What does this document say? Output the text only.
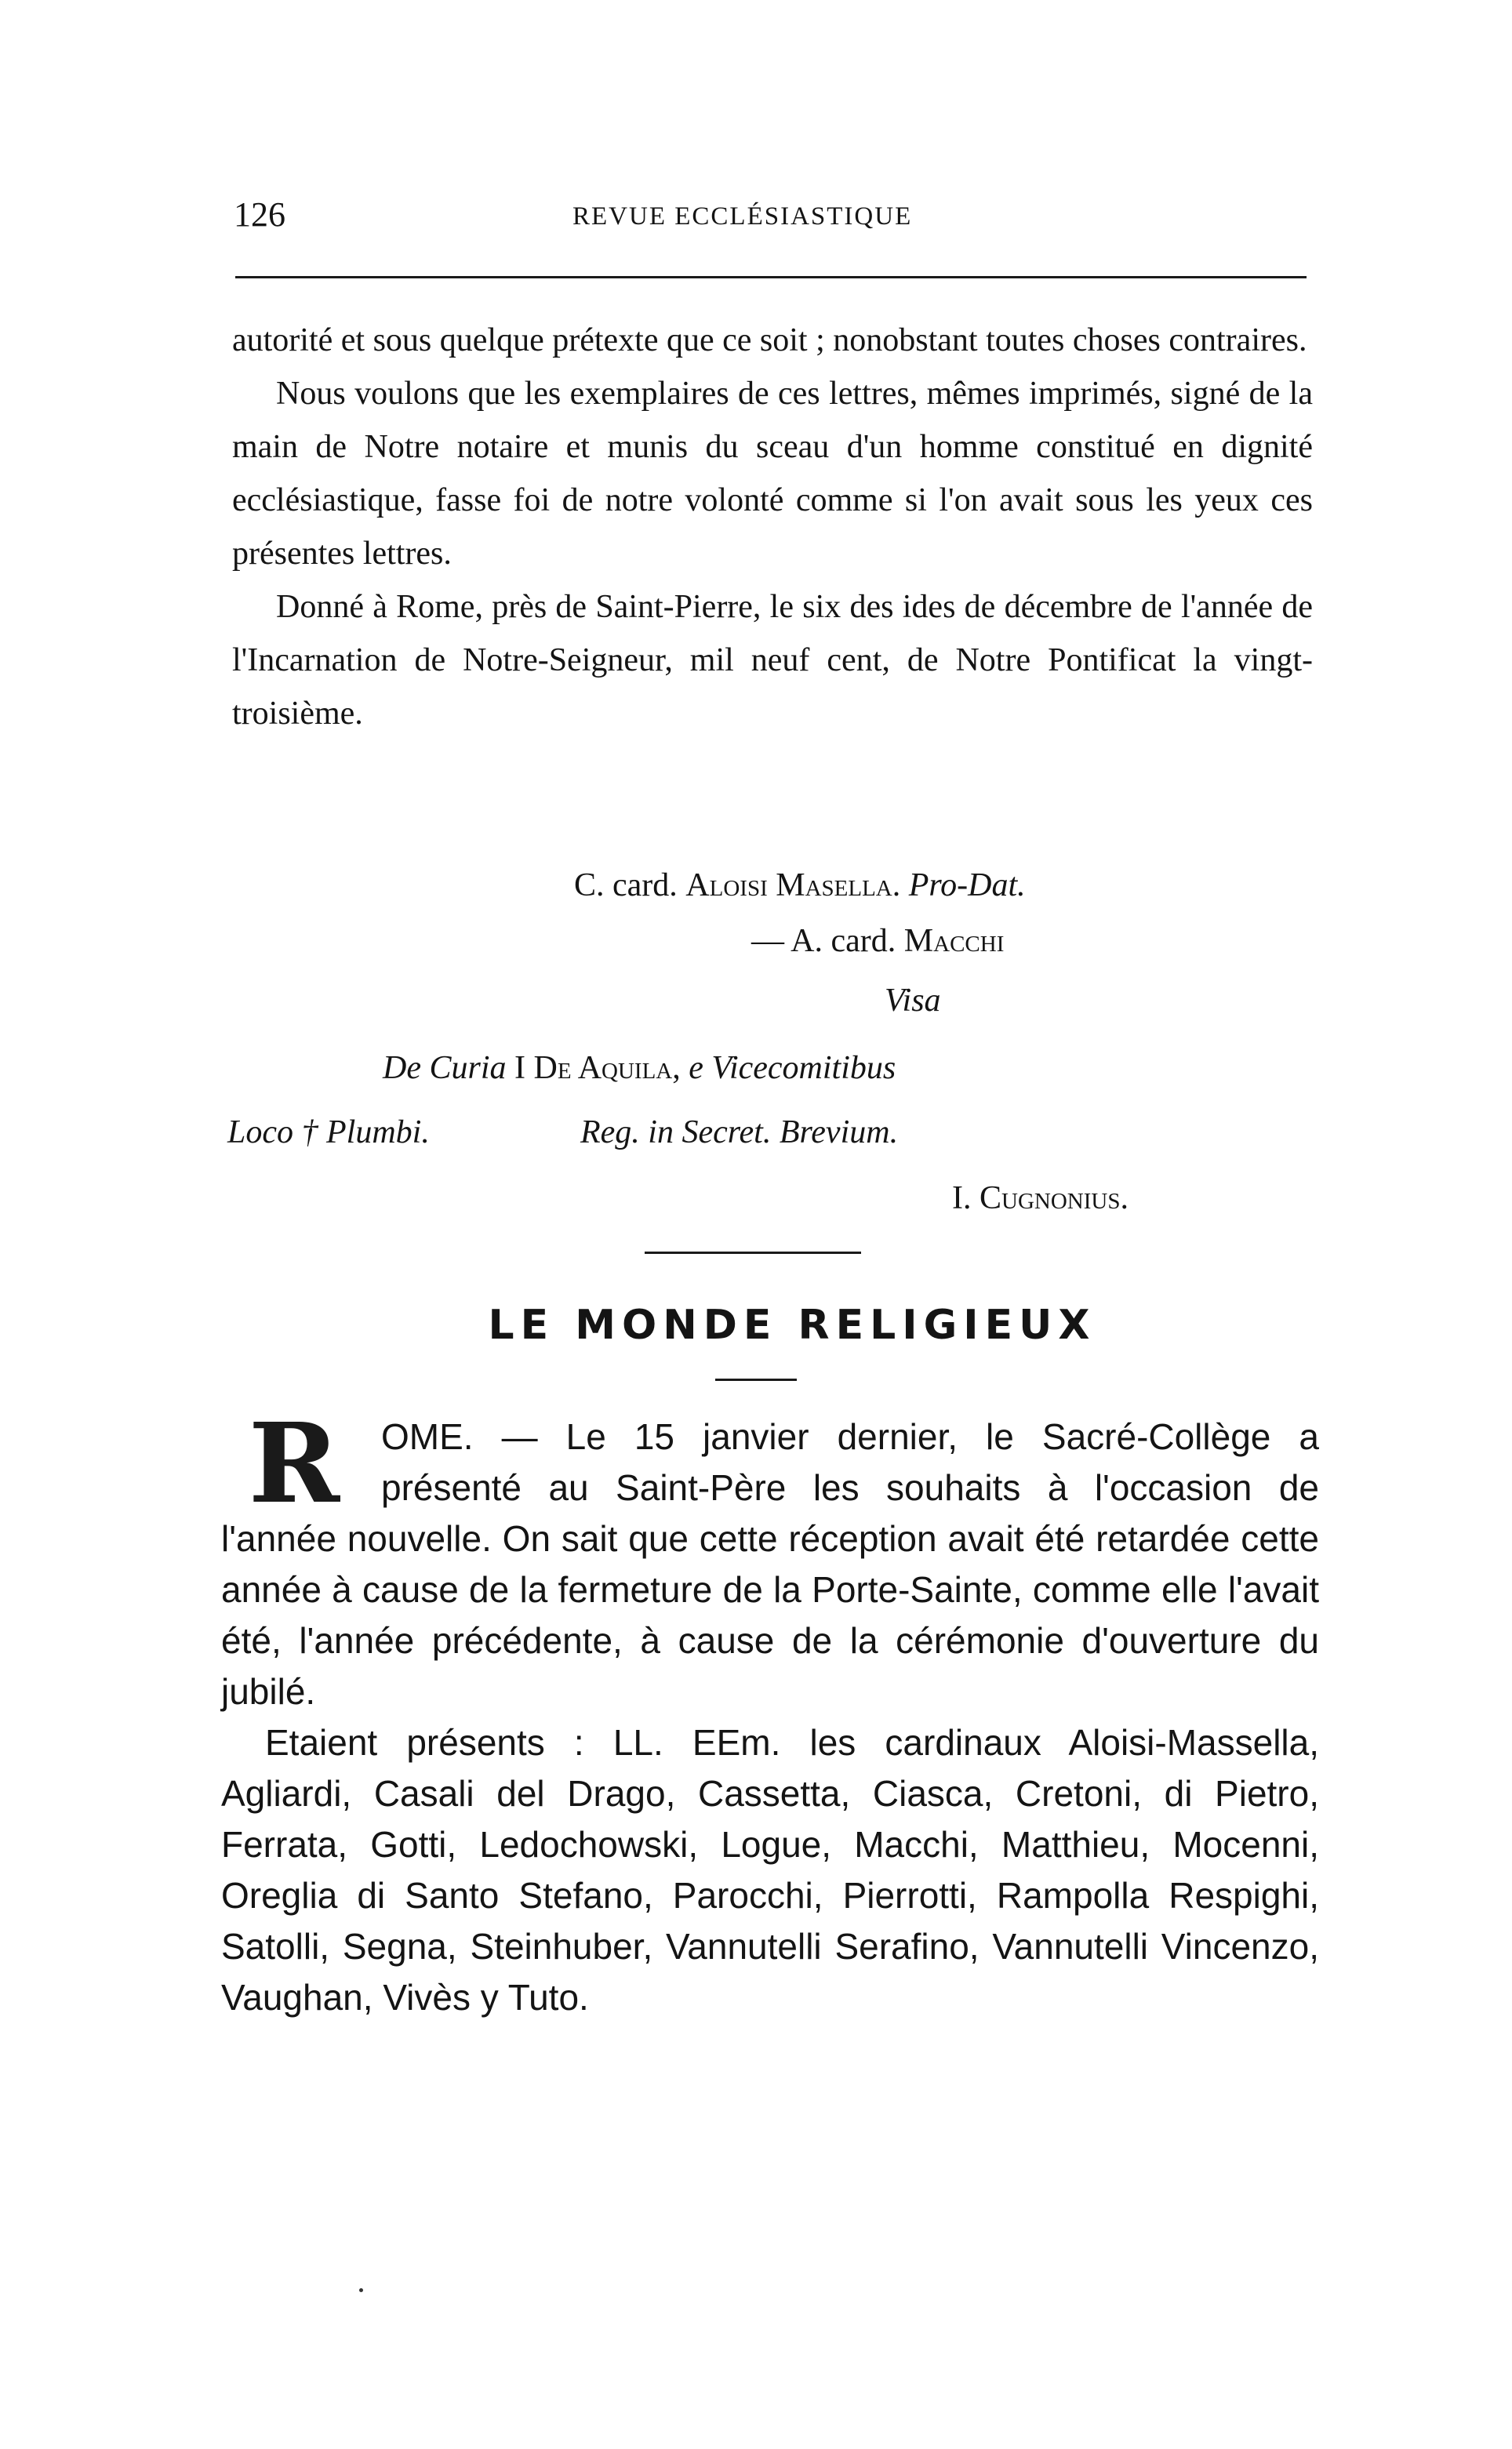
126	REVUE ECCLÉSIASTIQUE

autorité et sous quelque prétexte que ce soit ; nonobstant toutes choses contraires.

Nous voulons que les exemplaires de ces lettres, mêmes imprimés, signé de la main de Notre notaire et munis du sceau d'un homme constitué en dignité ecclésiastique, fasse foi de notre volonté comme si l'on avait sous les yeux ces présentes lettres.

Donné à Rome, près de Saint-Pierre, le six des ides de décembre de l'année de l'Incarnation de Notre-Seigneur, mil neuf cent, de Notre Pontificat la vingt-troisième.

C. card. Aloisi Masella. Pro-Dat.
— A. card. Macchi
Visa
De Curia I De Aquila, e Vicecomitibus
Loco † Plumbi.	Reg. in Secret. Brevium.
I. Cugnonius.
LE MONDE RELIGIEUX
R	OME. — Le 15 janvier dernier, le Sacré-Collège a présenté au Saint-Père les souhaits à l'occasion de l'année nouvelle. On sait que cette réception avait été retardée cette année à cause de la fermeture de la Porte-Sainte, comme elle l'avait été, l'année précédente, à cause de la cérémonie d'ouverture du jubilé.

Etaient présents : LL. EEm. les cardinaux Aloisi-Massella, Agliardi, Casali del Drago, Cassetta, Ciasca, Cretoni, di Pietro, Ferrata, Gotti, Ledochowski, Logue, Macchi, Matthieu, Mocenni, Oreglia di Santo Stefano, Parocchi, Pierrotti, Rampolla Respighi, Satolli, Segna, Steinhuber, Vannutelli Serafino, Vannutelli Vincenzo, Vaughan, Vivès y Tuto.
